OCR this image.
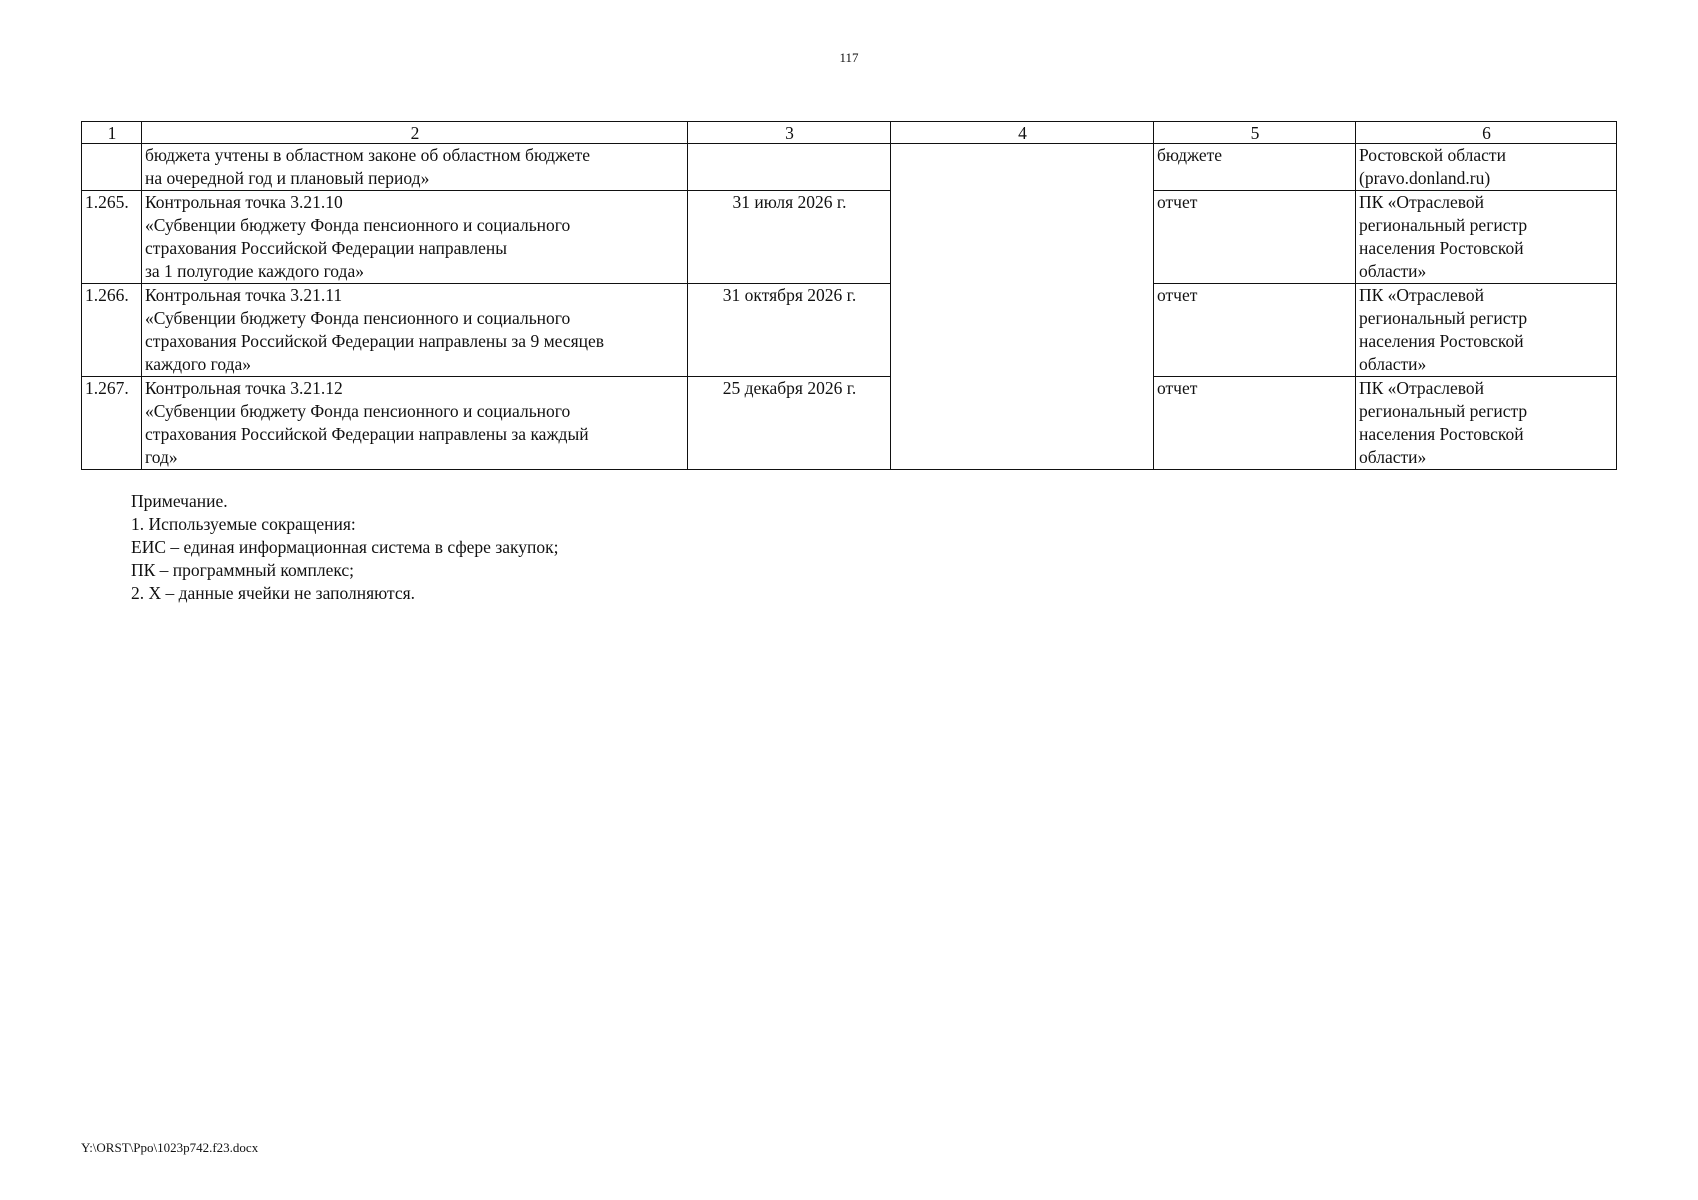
117
1	2	3	4	5	6
	бюджета учтены в областном законе об областном бюджете
на очередной год и плановый период»			бюджете	Ростовской области
(pravo.donland.ru)
1.265.	Контрольная точка 3.21.10
«Субвенции бюджету Фонда пенсионного и социального
страхования Российской Федерации направлены
за 1 полугодие каждого года»	31 июля 2026 г.		отчет	ПК «Отраслевой
региональный регистр
населения Ростовской
области»
1.266.	Контрольная точка 3.21.11
«Субвенции бюджету Фонда пенсионного и социального
страхования Российской Федерации направлены за 9 месяцев
каждого года»	31 октября 2026 г.		отчет	ПК «Отраслевой
региональный регистр
населения Ростовской
области»
1.267.	Контрольная точка 3.21.12
«Субвенции бюджету Фонда пенсионного и социального
страхования Российской Федерации направлены за каждый
год»	25 декабря 2026 г.		отчет	ПК «Отраслевой
региональный регистр
населения Ростовской
области»
Примечание.
1. Используемые сокращения:
ЕИС – единая информационная система в сфере закупок;
ПК – программный комплекс;
2. X – данные ячейки не заполняются.
Y:\ORST\Ppo\1023p742.f23.docx
